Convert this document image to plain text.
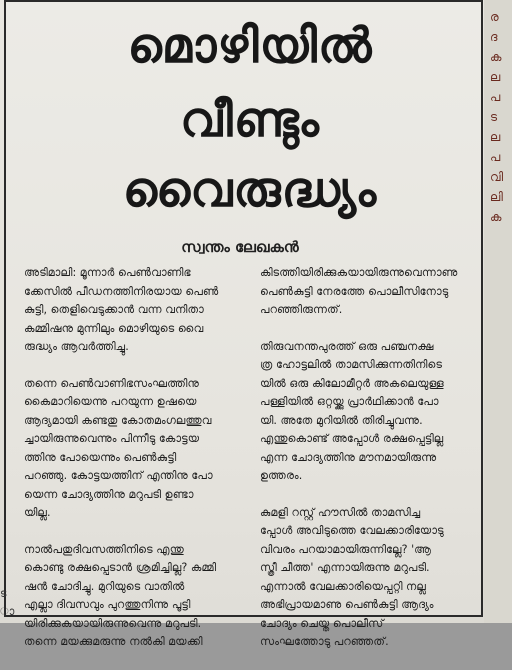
മൊഴിയിൽ
വീണ്ടും
വൈരുദ്ധ്യം
സ്വന്തം ലേഖകൻ

അടിമാലി: മൂന്നാർ പെൺവാണിഭ
ക്കേസിൽ പീഡനത്തിനിരയായ പെൺ
കുട്ടി, തെളിവെടുക്കാൻ വന്ന വനിതാ
കമ്മിഷനു മുന്നിലും മൊഴിയുടെ വൈ
രുദ്ധ്യം ആവർത്തിച്ചു.

തന്നെ പെൺവാണിഭസംഘത്തിനു
കൈമാറിയെന്നു പറയുന്ന ഉഷയെ
ആദ്യമായി കണ്ടതു കോതമംഗലത്തുവ
ച്ചായിരുന്നുവെന്നും പിന്നീടു കോട്ടയ
ത്തിനു പോയെന്നും പെൺകുട്ടി
പറഞ്ഞു. കോട്ടയത്തിന് എന്തിനു പോ
യെന്ന ചോദ്യത്തിനു മറുപടി ഉണ്ടാ
യില്ല.

നാൽപതുദിവസത്തിനിടെ എന്തു
കൊണ്ടു രക്ഷപ്പെടാൻ ശ്രമിച്ചില്ല? കമ്മി
ഷൻ ചോദിച്ചു. മുറിയുടെ വാതിൽ
എല്ലാ ദിവസവും പുറത്തുനിന്നു പൂട്ടി
യിരിക്കുകയായിരുന്നുവെന്നു മറുപടി.
തന്നെ മയക്കുമരുന്നു നൽകി മയക്കി

കിടത്തിയിരിക്കുകയായിരുന്നുവെന്നാണു
പെൺകുട്ടി നേരത്തേ പൊലീസിനോടു
പറഞ്ഞിരുന്നത്.

തിരുവനന്തപുരത്ത് ഒരു പഞ്ചനക്ഷ
ത്ര ഹോട്ടലിൽ താമസിക്കുന്നതിനിടെ
യിൽ ഒരു കിലോമീറ്റർ അകലെയുള്ള
പള്ളിയിൽ ഒറ്റയ്ക്കു പ്രാർഥിക്കാൻ പോ
യി. അതേ മുറിയിൽ തിരിച്ചുവന്നു.
എന്തുകൊണ്ട് അപ്പോൾ രക്ഷപ്പെട്ടില്ല
എന്ന ചോദ്യത്തിനു മൗനമായിരുന്നു
ഉത്തരം.

കുമളി റസ്റ്റ് ഹൗസിൽ താമസിച്ച
പ്പോൾ അവിടുത്തെ വേലക്കാരിയോടു
വിവരം പറയാമായിരുന്നില്ലേ? 'ആ
സ്ത്രീ ചീത്ത' എന്നായിരുന്നു മറുപടി.
എന്നാൽ വേലക്കാരിയെപ്പറ്റി നല്ല
അഭിപ്രായമാണു പെൺകുട്ടി ആദ്യം
ചോദ്യം ചെയ്ത പൊലീസ്
സംഘത്തോടു പറഞ്ഞത്.

ര
ദ
ക
ല
പ
ട
ല
പ
വി
ലി
ക
ട
ാ
